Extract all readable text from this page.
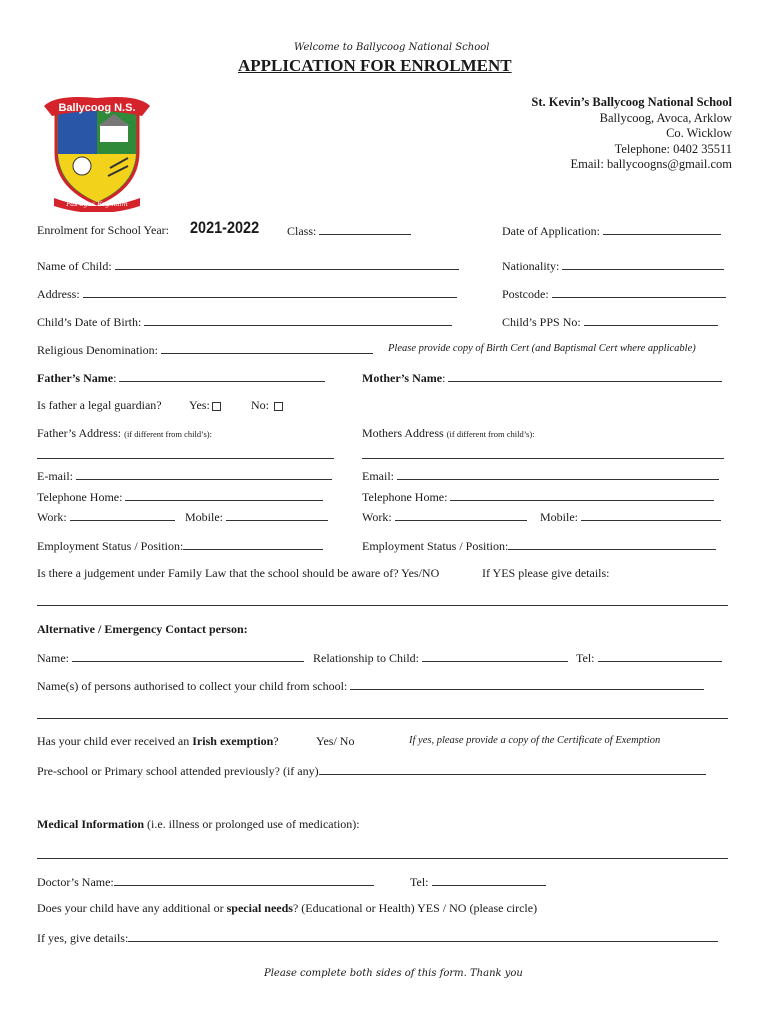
Welcome to Ballycoog National School
APPLICATION FOR ENROLMENT
Ballycoog N.S.
Fás agus Foghlaim
St. Kevin’s Ballycoog National School
Ballycoog, Avoca, Arklow
Co. Wicklow
Telephone: 0402 35511
Email: ballycoogns@gmail.com
Enrolment for School Year: 2021-2022 Class:	Date of Application:
Name of Child:	Nationality:
Address:	Postcode:
Child’s Date of Birth:	Child’s PPS No:
Religious Denomination:	Please provide copy of Birth Cert (and Baptismal Cert where applicable)
Father’s Name:	Mother’s Name:
Is father a legal guardian? Yes:	No:
Father’s Address: (if different from child’s):	Mothers Address (if different from child’s):
E-mail:	Email:
Telephone Home:	Telephone Home:
Work:	Mobile:	Work:	Mobile:
Employment Status / Position:	Employment Status / Position:
Is there a judgement under Family Law that the school should be aware of? Yes/NO	If YES please give details:
Alternative / Emergency Contact person:
Name:	Relationship to Child:	Tel:
Name(s) of persons authorised to collect your child from school:
Has your child ever received an Irish exemption?	Yes/ No	If yes, please provide a copy of the Certificate of Exemption
Pre-school or Primary school attended previously? (if any)
Medical Information (i.e. illness or prolonged use of medication):
Doctor’s Name:	Tel:
Does your child have any additional or special needs? (Educational or Health) YES / NO (please circle)
If yes, give details:
Please complete both sides of this form. Thank you
